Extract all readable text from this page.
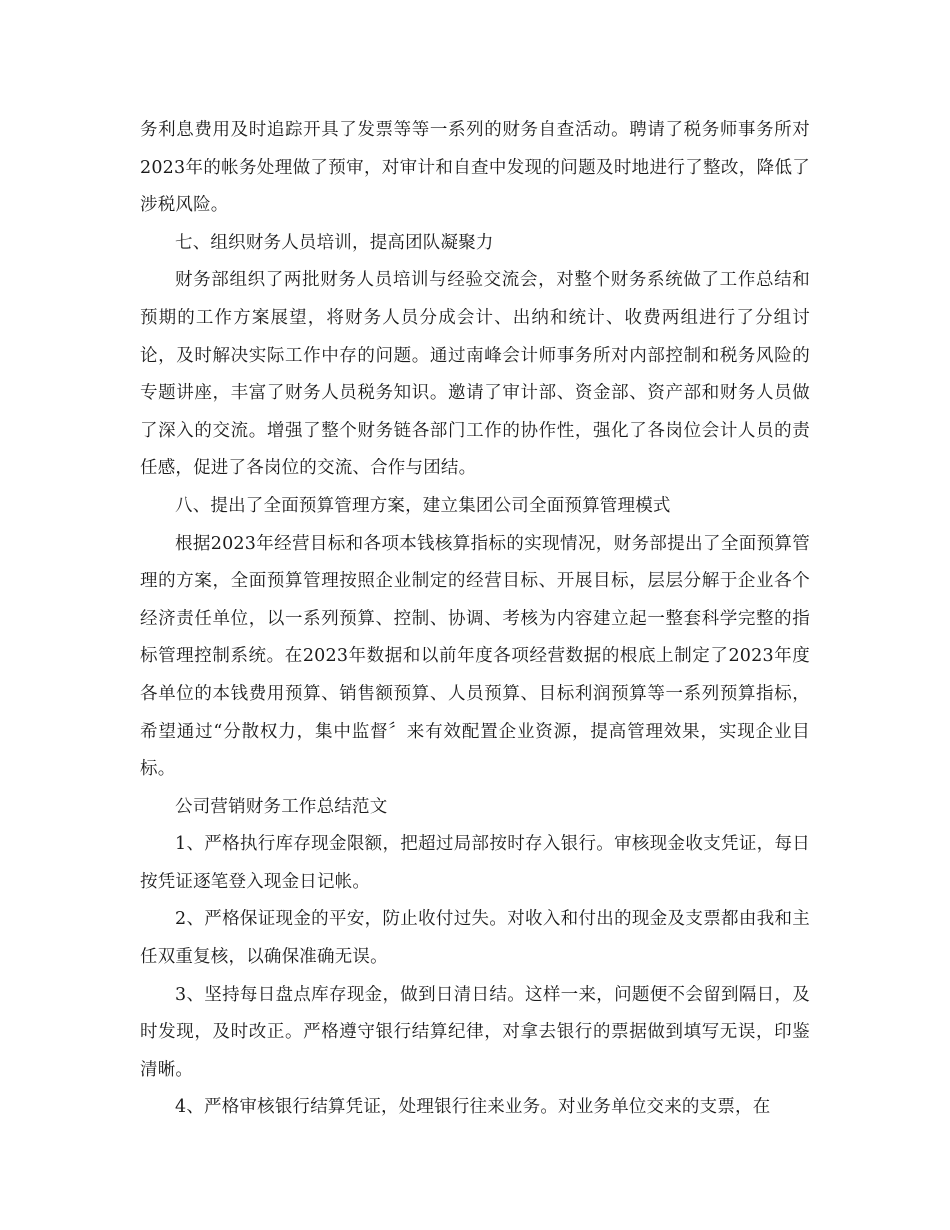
务利息费用及时追踪开具了发票等等一系列的财务自查活动。聘请了税务师事务所对2023年的帐务处理做了预审，对审计和自查中发现的问题及时地进行了整改，降低了涉税风险。

七、组织财务人员培训，提高团队凝聚力

财务部组织了两批财务人员培训与经验交流会，对整个财务系统做了工作总结和预期的工作方案展望，将财务人员分成会计、出纳和统计、收费两组进行了分组讨论，及时解决实际工作中存的问题。通过南峰会计师事务所对内部控制和税务风险的专题讲座，丰富了财务人员税务知识。邀请了审计部、资金部、资产部和财务人员做了深入的交流。增强了整个财务链各部门工作的协作性，强化了各岗位会计人员的责任感，促进了各岗位的交流、合作与团结。

八、提出了全面预算管理方案，建立集团公司全面预算管理模式

根据2023年经营目标和各项本钱核算指标的实现情况，财务部提出了全面预算管理的方案，全面预算管理按照企业制定的经营目标、开展目标，层层分解于企业各个经济责任单位，以一系列预算、控制、协调、考核为内容建立起一整套科学完整的指标管理控制系统。在2023年数据和以前年度各项经营数据的根底上制定了2023年度各单位的本钱费用预算、销售额预算、人员预算、目标利润预算等一系列预算指标，希望通过“分散权力，集中监督〞来有效配置企业资源，提高管理效果，实现企业目标。

公司营销财务工作总结范文

1、严格执行库存现金限额，把超过局部按时存入银行。审核现金收支凭证，每日按凭证逐笔登入现金日记帐。

2、严格保证现金的平安，防止收付过失。对收入和付出的现金及支票都由我和主任双重复核，以确保准确无误。

3、坚持每日盘点库存现金，做到日清日结。这样一来，问题便不会留到隔日，及时发现，及时改正。严格遵守银行结算纪律，对拿去银行的票据做到填写无误，印鉴清晰。

4、严格审核银行结算凭证，处理银行往来业务。对业务单位交来的支票，在
